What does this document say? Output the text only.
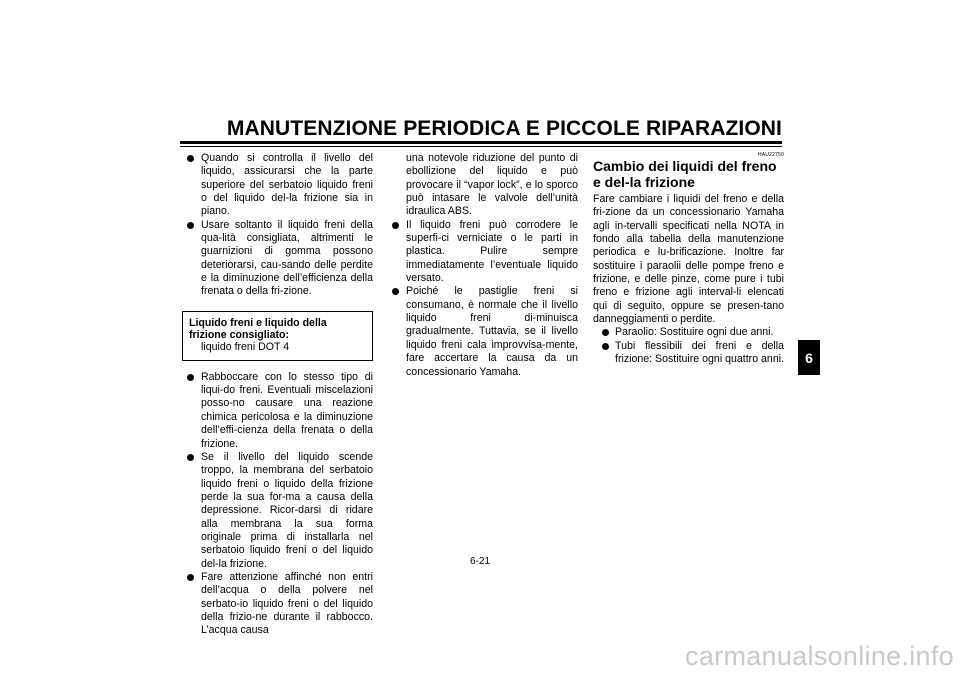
MANUTENZIONE PERIODICA E PICCOLE RIPARAZIONI
Quando si controlla il livello del liquido, assicurarsi che la parte superiore del serbatoio liquido freni o del liquido del-la frizione sia in piano.
Usare soltanto il liquido freni della qua-lità consigliata, altrimenti le guarnizioni di gomma possono deteriorarsi, cau-sando delle perdite e la diminuzione dell’efficienza della frenata o della fri-zione.
Liquido freni e liquido della frizione consigliato:
liquido freni DOT 4
Rabboccare con lo stesso tipo di liqui-do freni. Eventuali miscelazioni posso-no causare una reazione chimica pericolosa e la diminuzione dell’effi-cienza della frenata o della frizione.
Se il livello del liquido scende troppo, la membrana del serbatoio liquido freni o liquido della frizione perde la sua for-ma a causa della depressione. Ricor-darsi di ridare alla membrana la sua forma originale prima di installarla nel serbatoio liquido freni o del liquido del-la frizione.
Fare attenzione affinché non entri dell’acqua o della polvere nel serbato-io liquido freni o del liquido della frizio-ne durante il rabbocco. L’acqua causa
una notevole riduzione del punto di ebollizione del liquido e può provocare il “vapor lock”, e lo sporco può intasare le valvole dell’unità idraulica ABS.
Il liquido freni può corrodere le superfi-ci verniciate o le parti in plastica. Pulire sempre immediatamente l’eventuale liquido versato.
Poiché le pastiglie freni si consumano, è normale che il livello liquido freni di-minuisca gradualmente. Tuttavia, se il livello liquido freni cala improvvisa-mente, fare accertare la causa da un concessionario Yamaha.
HAU22750
Cambio dei liquidi del freno e del-la frizione
Fare cambiare i liquidi del freno e della fri-zione da un concessionario Yamaha agli in-tervalli specificati nella NOTA in fondo alla tabella della manutenzione periodica e lu-brificazione. Inoltre far sostituire i paraolii delle pompe freno e frizione, e delle pinze, come pure i tubi freno e frizione agli interval-li elencati qui di seguito, oppure se presen-tano danneggiamenti o perdite.
Paraolio: Sostituire ogni due anni.
Tubi flessibili dei freni e della frizione: Sostituire ogni quattro anni.	6
6-21
carmanualsonline.info
